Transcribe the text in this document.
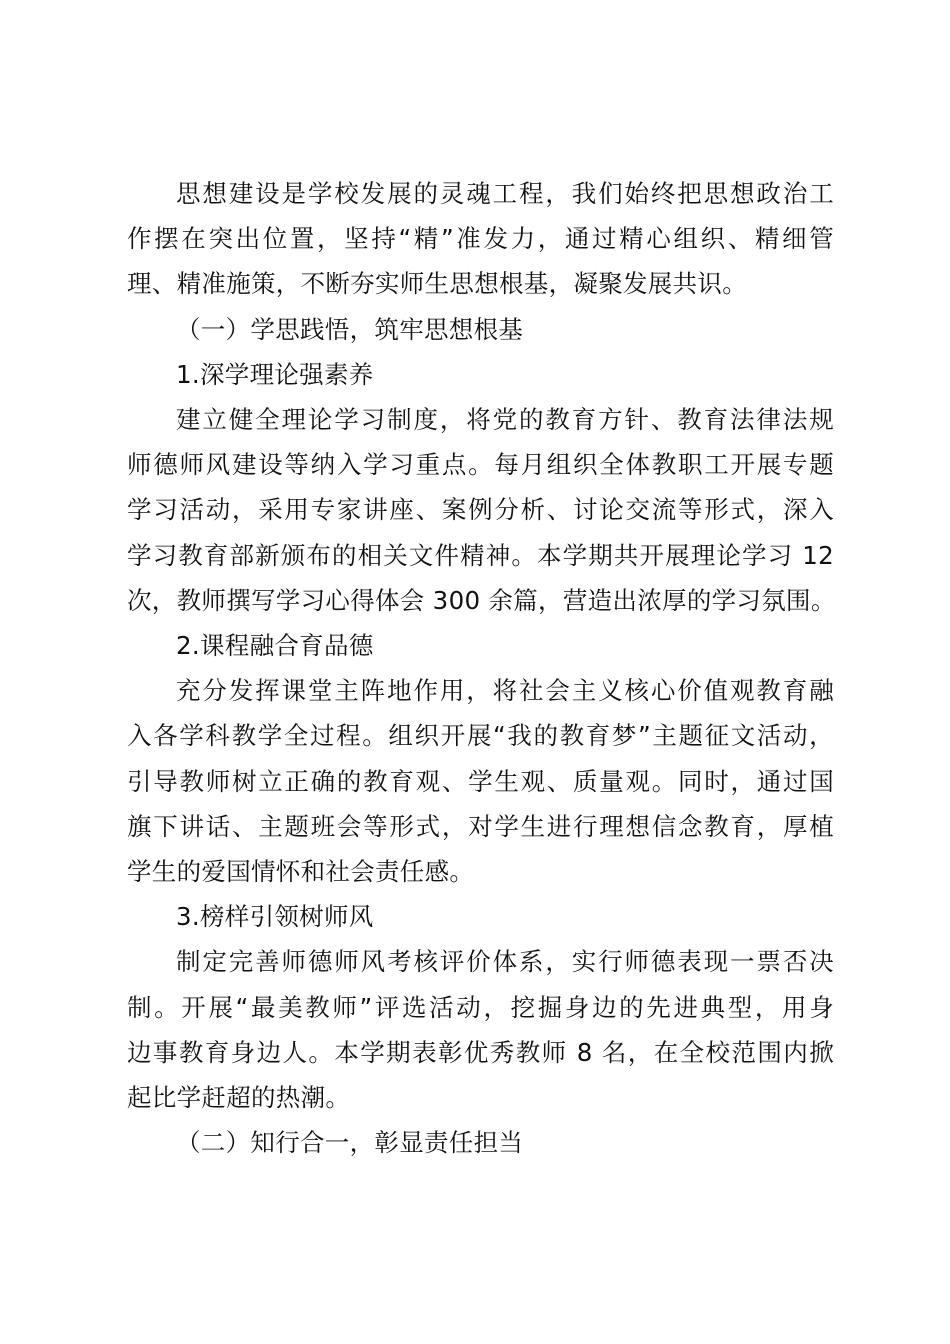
思想建设是学校发展的灵魂工程，我们始终把思想政治工
作摆在突出位置，坚持“精”准发力，通过精心组织、精细管
理、精准施策，不断夯实师生思想根基，凝聚发展共识。
（一）学思践悟，筑牢思想根基
1.深学理论强素养
建立健全理论学习制度，将党的教育方针、教育法律法规
师德师风建设等纳入学习重点。每月组织全体教职工开展专题
学习活动，采用专家讲座、案例分析、讨论交流等形式，深入
学习教育部新颁布的相关文件精神。本学期共开展理论学习 12
次，教师撰写学习心得体会 300 余篇，营造出浓厚的学习氛围。
2.课程融合育品德
充分发挥课堂主阵地作用，将社会主义核心价值观教育融
入各学科教学全过程。组织开展“我的教育梦”主题征文活动，
引导教师树立正确的教育观、学生观、质量观。同时，通过国
旗下讲话、主题班会等形式，对学生进行理想信念教育，厚植
学生的爱国情怀和社会责任感。
3.榜样引领树师风
制定完善师德师风考核评价体系，实行师德表现一票否决
制。开展“最美教师”评选活动，挖掘身边的先进典型，用身
边事教育身边人。本学期表彰优秀教师 8 名，在全校范围内掀
起比学赶超的热潮。
（二）知行合一，彰显责任担当
